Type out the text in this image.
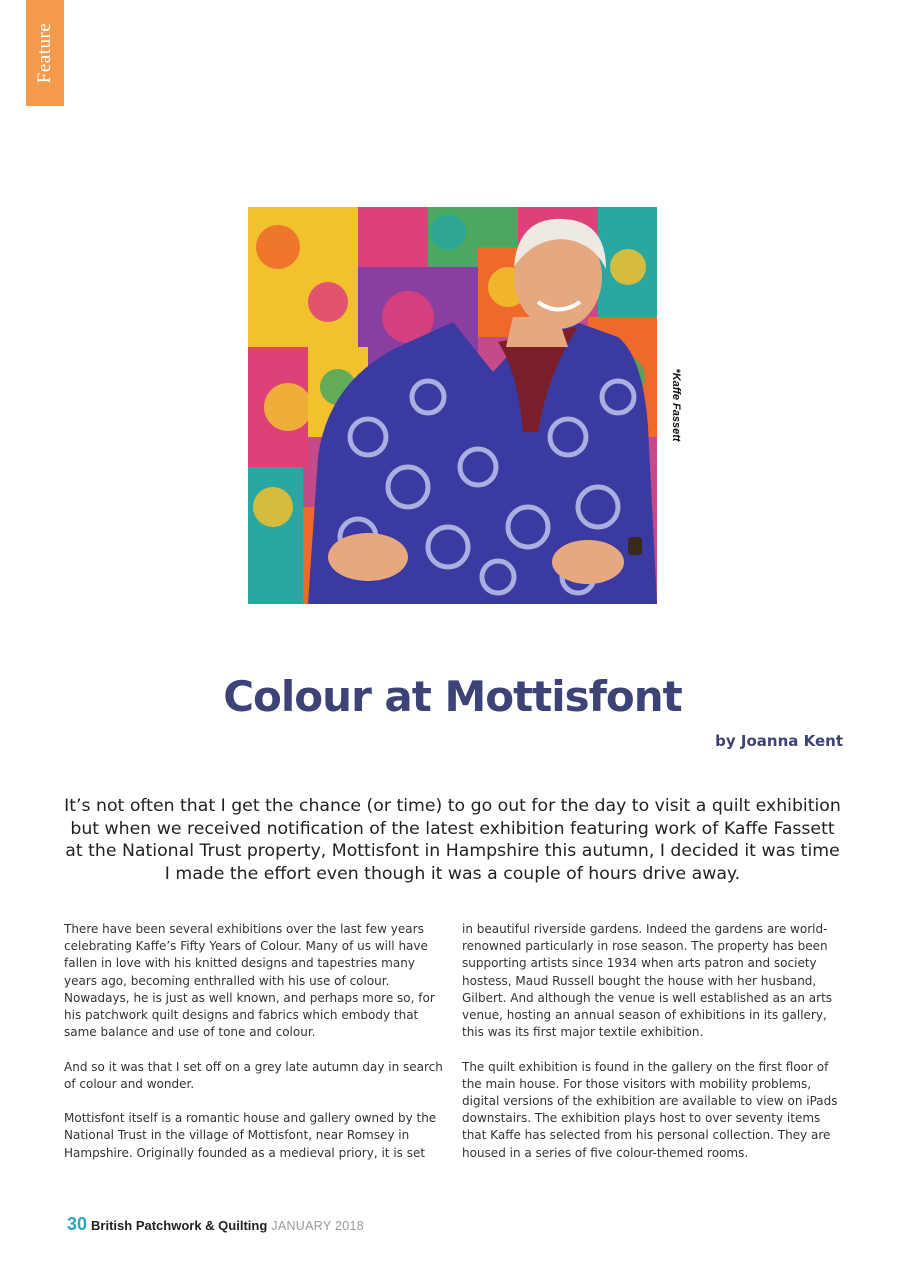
Feature
*Kaffe Fassett
Colour at Mottisfont
by Joanna Kent

It’s not often that I get the chance (or time) to go out for the day to visit a quilt exhibition but when we received notification of the latest exhibition featuring work of Kaffe Fassett at the National Trust property, Mottisfont in Hampshire this autumn, I decided it was time I made the effort even though it was a couple of hours drive away.

There have been several exhibitions over the last few years celebrating Kaffe’s Fifty Years of Colour. Many of us will have fallen in love with his knitted designs and tapestries many years ago, becoming enthralled with his use of colour. Nowadays, he is just as well known, and perhaps more so, for his patchwork quilt designs and fabrics which embody that same balance and use of tone and colour.

And so it was that I set off on a grey late autumn day in search of colour and wonder.

Mottisfont itself is a romantic house and gallery owned by the National Trust in the village of Mottisfont, near Romsey in Hampshire. Originally founded as a medieval priory, it is set

in beautiful riverside gardens. Indeed the gardens are world-renowned particularly in rose season. The property has been supporting artists since 1934 when arts patron and society hostess, Maud Russell bought the house with her husband, Gilbert. And although the venue is well established as an arts venue, hosting an annual season of exhibitions in its gallery, this was its first major textile exhibition.

The quilt exhibition is found in the gallery on the first floor of the main house. For those visitors with mobility problems, digital versions of the exhibition are available to view on iPads downstairs. The exhibition plays host to over seventy items that Kaffe has selected from his personal collection. They are housed in a series of five colour-themed rooms.

30 British Patchwork & Quilting JANUARY 2018
